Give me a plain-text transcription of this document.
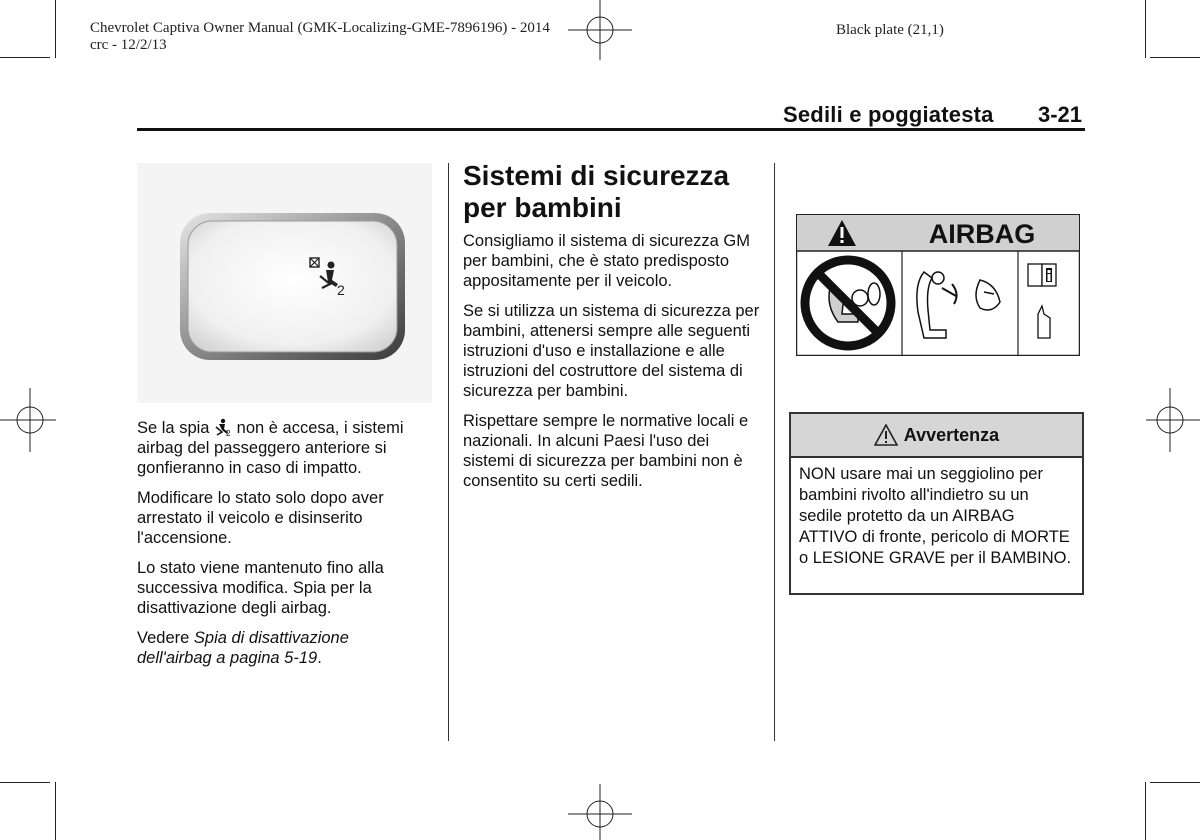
Chevrolet Captiva Owner Manual (GMK-Localizing-GME-7896196) - 2014
crc - 12/2/13
Black plate (21,1)
Sedili e poggiatesta 3-21
2

Se la spia 2 non è accesa, i sistemi airbag del passeggero anteriore si gonfieranno in caso di impatto.

Modificare lo stato solo dopo aver arrestato il veicolo e disinserito l'accensione.

Lo stato viene mantenuto fino alla successiva modifica. Spia per la disattivazione degli airbag.

Vedere Spia di disattivazione dell'airbag a pagina 5-19.

Sistemi di sicurezza per bambini

Consigliamo il sistema di sicurezza GM per bambini, che è stato predisposto appositamente per il veicolo.

Se si utilizza un sistema di sicurezza per bambini, attenersi sempre alle seguenti istruzioni d'uso e installazione e alle istruzioni del costruttore del sistema di sicurezza per bambini.

Rispettare sempre le normative locali e nazionali. In alcuni Paesi l'uso dei sistemi di sicurezza per bambini non è consentito su certi sedili.

AIRBAG
Avvertenza
NON usare mai un seggiolino per bambini rivolto all'indietro su un sedile protetto da un AIRBAG ATTIVO di fronte, pericolo di MORTE o LESIONE GRAVE per il BAMBINO.
